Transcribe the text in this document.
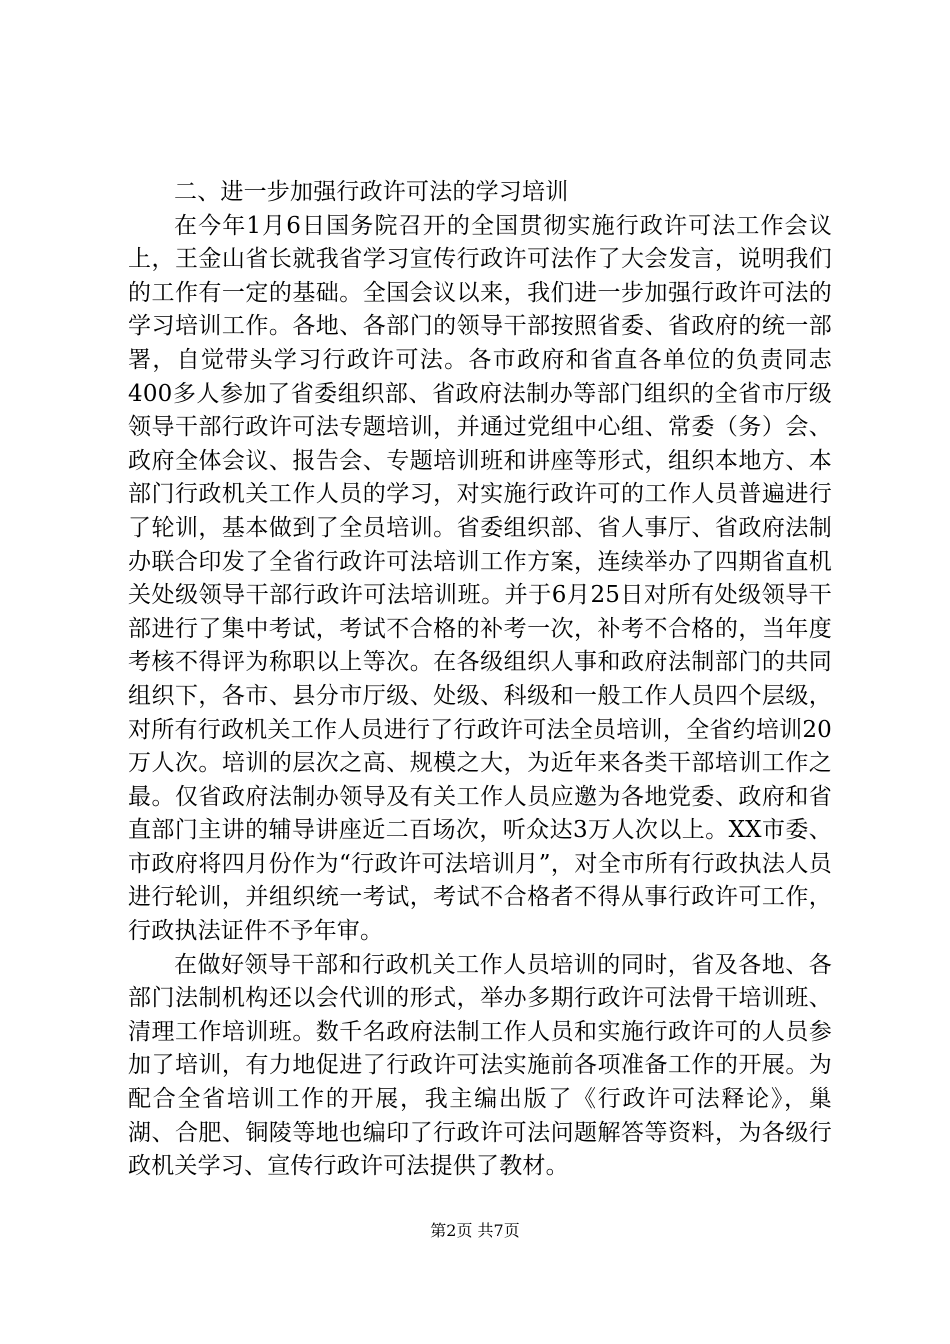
二、进一步加强行政许可法的学习培训

在今年1月6日国务院召开的全国贯彻实施行政许可法工作会议上，王金山省长就我省学习宣传行政许可法作了大会发言，说明我们的工作有一定的基础。全国会议以来，我们进一步加强行政许可法的学习培训工作。各地、各部门的领导干部按照省委、省政府的统一部署，自觉带头学习行政许可法。各市政府和省直各单位的负责同志400多人参加了省委组织部、省政府法制办等部门组织的全省市厅级领导干部行政许可法专题培训，并通过党组中心组、常委（务）会、政府全体会议、报告会、专题培训班和讲座等形式，组织本地方、本部门行政机关工作人员的学习，对实施行政许可的工作人员普遍进行了轮训，基本做到了全员培训。省委组织部、省人事厅、省政府法制办联合印发了全省行政许可法培训工作方案，连续举办了四期省直机关处级领导干部行政许可法培训班。并于6月25日对所有处级领导干部进行了集中考试，考试不合格的补考一次，补考不合格的，当年度考核不得评为称职以上等次。在各级组织人事和政府法制部门的共同组织下，各市、县分市厅级、处级、科级和一般工作人员四个层级，对所有行政机关工作人员进行了行政许可法全员培训，全省约培训20万人次。培训的层次之高、规模之大，为近年来各类干部培训工作之最。仅省政府法制办领导及有关工作人员应邀为各地党委、政府和省直部门主讲的辅导讲座近二百场次，听众达3万人次以上。XX市委、市政府将四月份作为“行政许可法培训月”，对全市所有行政执法人员进行轮训，并组织统一考试，考试不合格者不得从事行政许可工作，行政执法证件不予年审。

在做好领导干部和行政机关工作人员培训的同时，省及各地、各部门法制机构还以会代训的形式，举办多期行政许可法骨干培训班、清理工作培训班。数千名政府法制工作人员和实施行政许可的人员参加了培训，有力地促进了行政许可法实施前各项准备工作的开展。为配合全省培训工作的开展，我主编出版了《行政许可法释论》，巢湖、合肥、铜陵等地也编印了行政许可法问题解答等资料，为各级行政机关学习、宣传行政许可法提供了教材。

第2页 共7页
